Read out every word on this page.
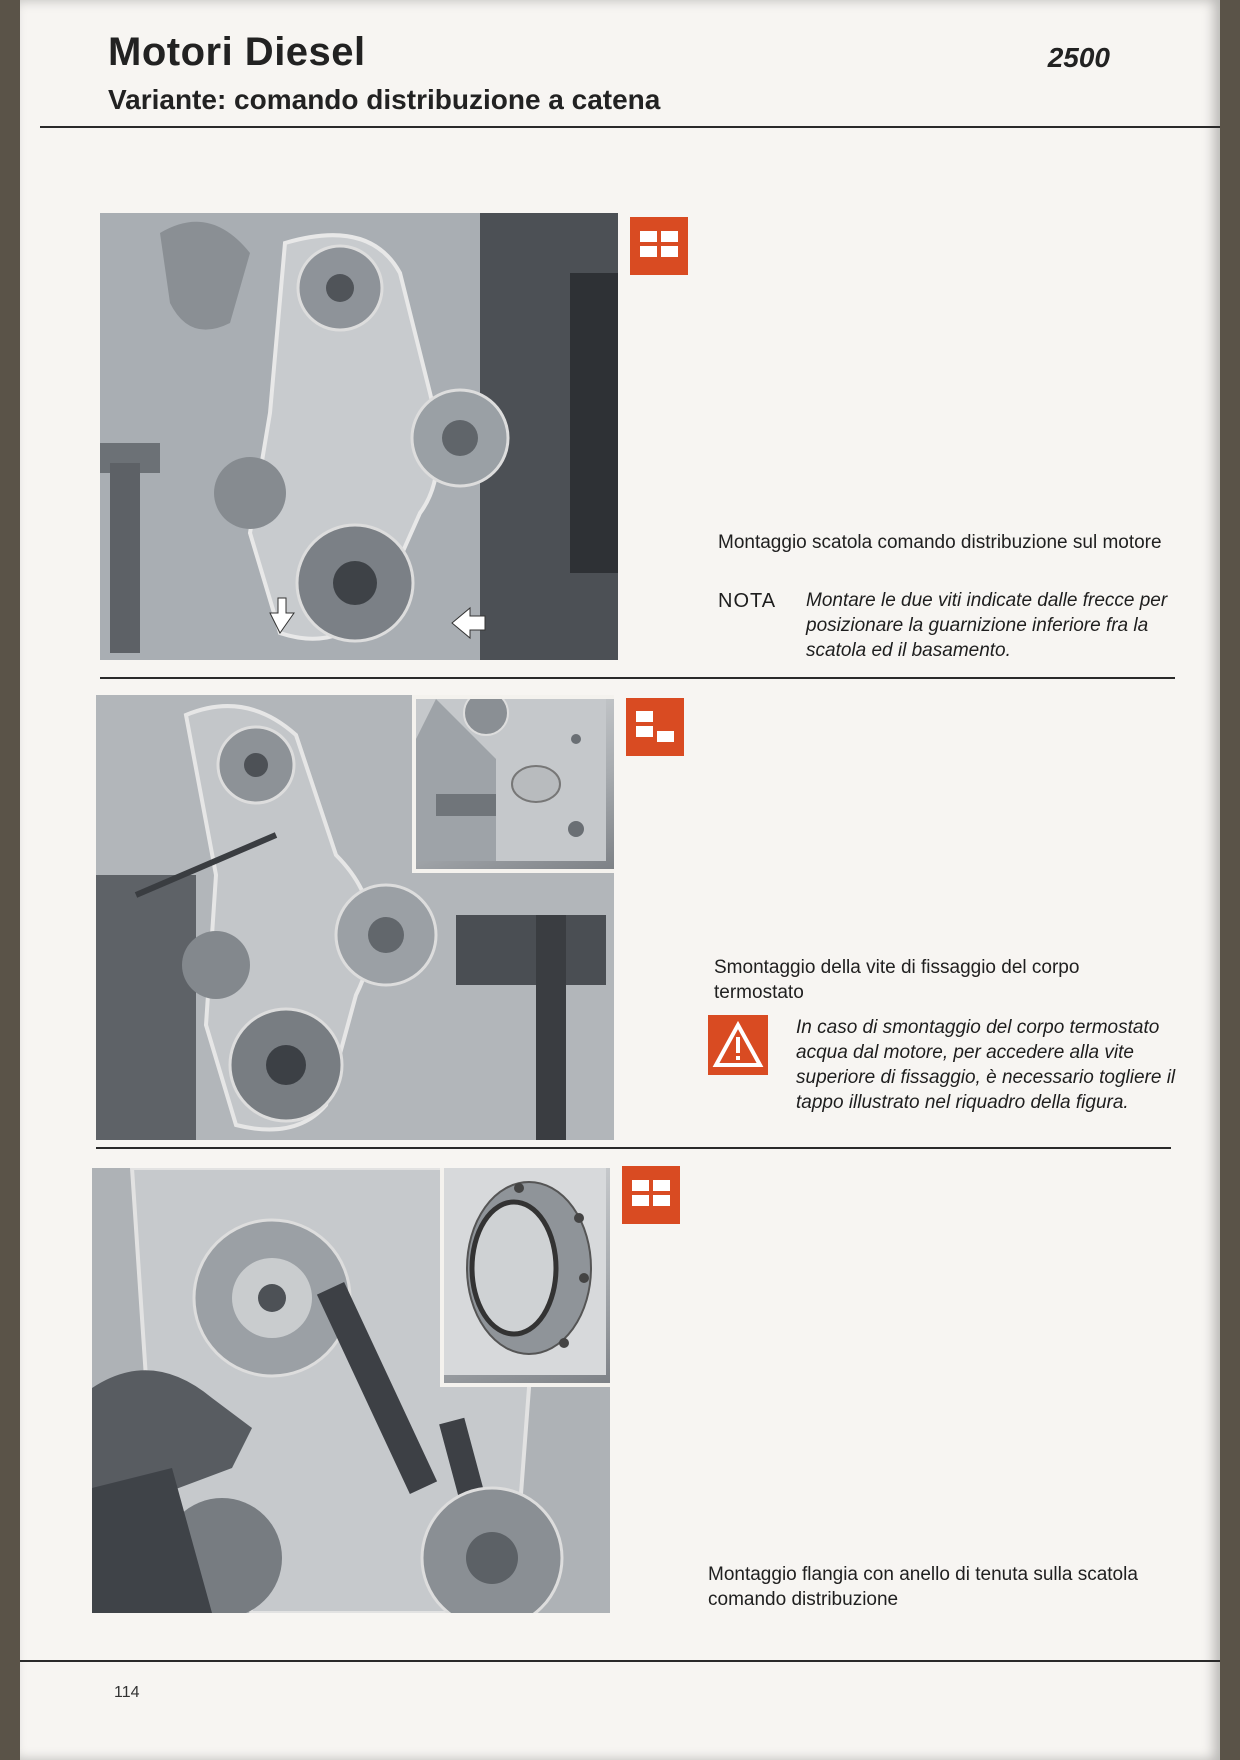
Motori Diesel
Variante: comando distribuzione a catena
2500
Montaggio scatola comando distribuzione sul motore
NOTA Montare le due viti indicate dalle frecce per posizionare la guarnizione inferiore fra la scatola ed il basamento.
Smontaggio della vite di fissaggio del corpo termostato
In caso di smontaggio del corpo termostato acqua dal motore, per accedere alla vite superiore di fissaggio, è necessario togliere il tappo illustrato nel riquadro della figura.
Montaggio flangia con anello di tenuta sulla scatola comando distribuzione
114
